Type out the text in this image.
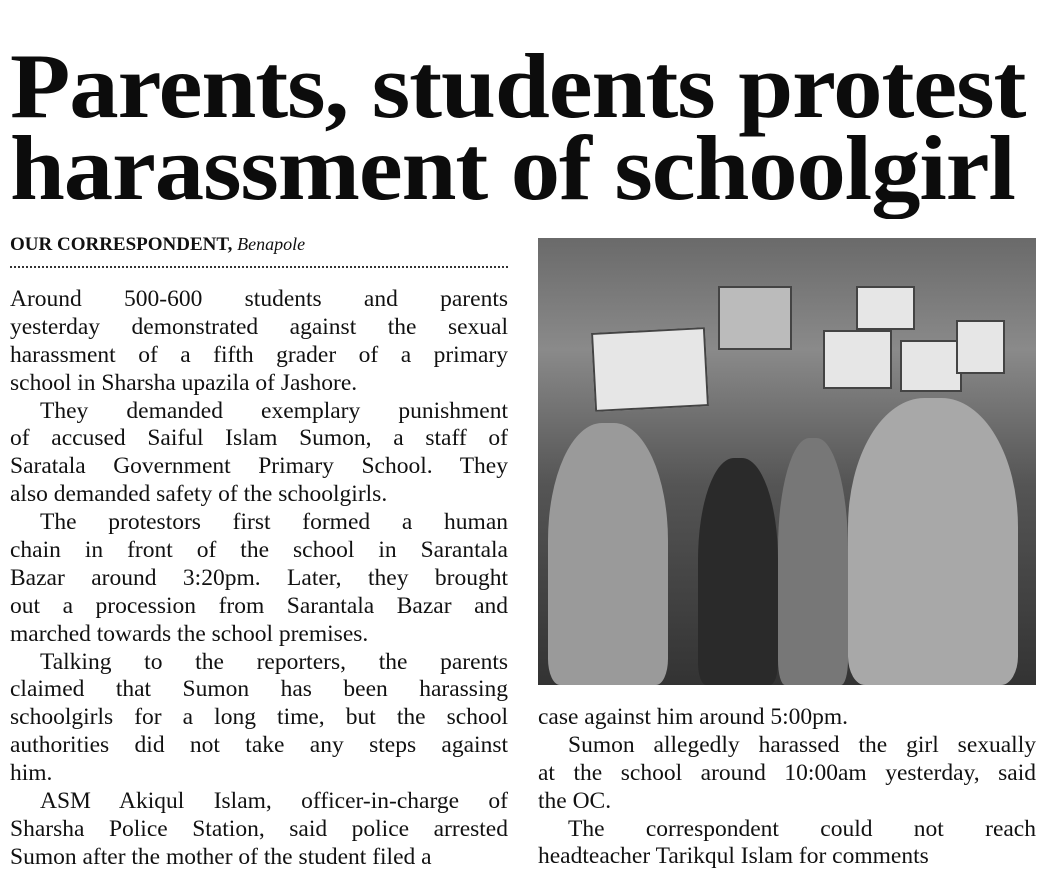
Parents, students protest
harassment of schoolgirl
OUR CORRESPONDENT, Benapole
Around 500-600 students and parents
yesterday demonstrated against the sexual
harassment of a fifth grader of a primary
school in Sharsha upazila of Jashore.
They demanded exemplary punishment
of accused Saiful Islam Sumon, a staff of
Saratala Government Primary School. They
also demanded safety of the schoolgirls.
The protestors first formed a human
chain in front of the school in Sarantala
Bazar around 3:20pm. Later, they brought
out a procession from Sarantala Bazar and
marched towards the school premises.
Talking to the reporters, the parents
claimed that Sumon has been harassing
schoolgirls for a long time, but the school
authorities did not take any steps against
him.
ASM Akiqul Islam, officer-in-charge of
Sharsha Police Station, said police arrested
Sumon after the mother of the student filed a
case against him around 5:00pm.
Sumon allegedly harassed the girl sexually
at the school around 10:00am yesterday, said
the OC.
The correspondent could not reach
headteacher Tarikqul Islam for comments
